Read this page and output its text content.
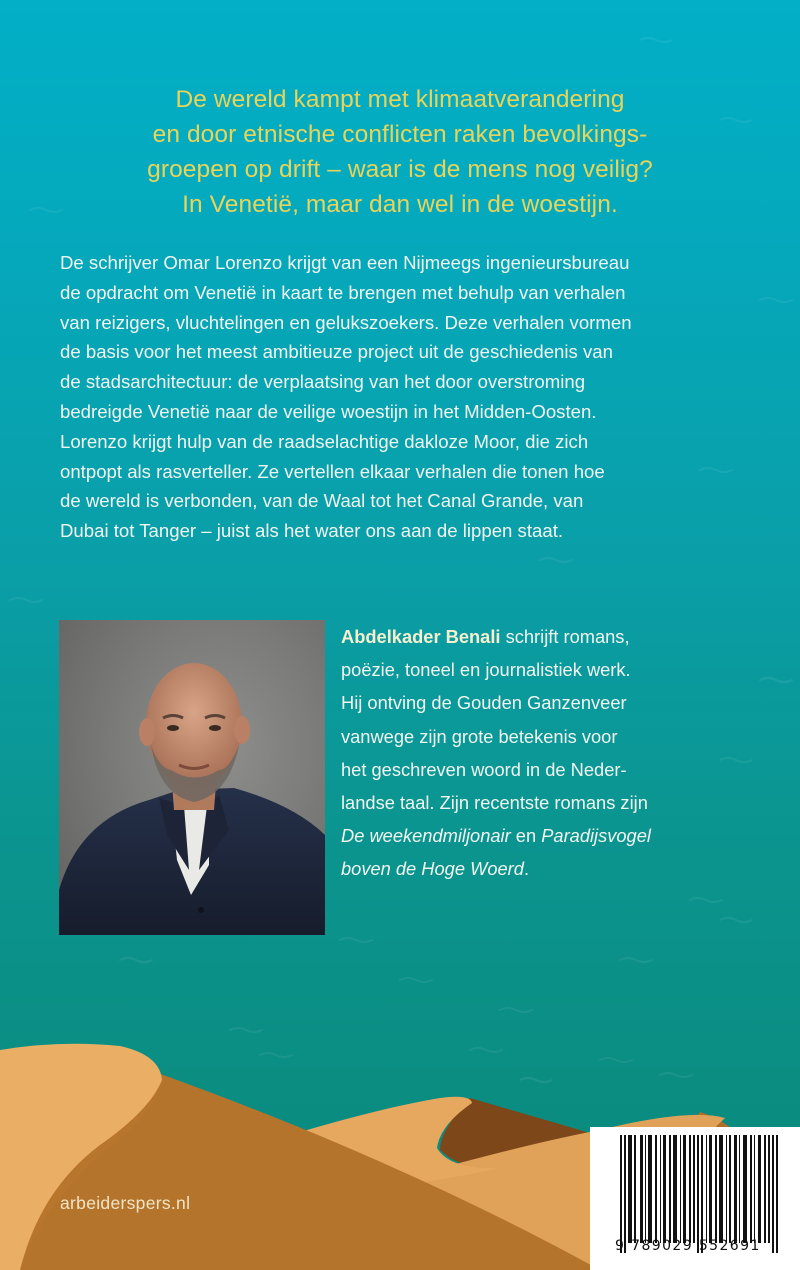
De wereld kampt met klimaatverandering
en door etnische conflicten raken bevolkings-
groepen op drift – waar is de mens nog veilig?
In Venetië, maar dan wel in de woestijn.
De schrijver Omar Lorenzo krijgt van een Nijmeegs ingenieursbureau
de opdracht om Venetië in kaart te brengen met behulp van verhalen
van reizigers, vluchtelingen en gelukszoekers. Deze verhalen vormen
de basis voor het meest ambitieuze project uit de geschiedenis van
de stadsarchitectuur: de verplaatsing van het door overstroming
bedreigde Venetië naar de veilige woestijn in het Midden-Oosten.
Lorenzo krijgt hulp van de raadselachtige dakloze Moor, die zich
ontpopt als rasverteller. Ze vertellen elkaar verhalen die tonen hoe
de wereld is verbonden, van de Waal tot het Canal Grande, van
Dubai tot Tanger – juist als het water ons aan de lippen staat.
Abdelkader Benali schrijft romans,
poëzie, toneel en journalistiek werk.
Hij ontving de Gouden Ganzenveer
vanwege zijn grote betekenis voor
het geschreven woord in de Neder-
landse taal. Zijn recentste romans zijn
De weekendmiljonair en Paradijsvogel
boven de Hoge Woerd.
arbeiderspers.nl
9 789029 552691
